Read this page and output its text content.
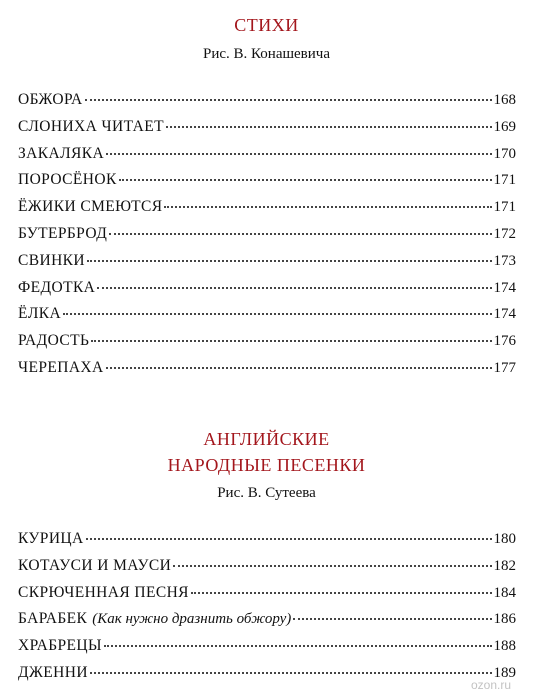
СТИХИ
Рис. В. Конашевича
ОБЖОРА	168
СЛОНИХА ЧИТАЕТ	169
ЗАКАЛЯКА	170
ПОРОСЁНОК	171
ЁЖИКИ СМЕЮТСЯ	171
БУТЕРБРОД	172
СВИНКИ	173
ФЕДОТКА	174
ЁЛКА	174
РАДОСТЬ	176
ЧЕРЕПАХА	177
АНГЛИЙСКИЕ
НАРОДНЫЕ ПЕСЕНКИ
Рис. В. Сутеева
КУРИЦА	180
КОТАУСИ И МАУСИ	182
СКРЮЧЕННАЯ ПЕСНЯ	184
БАРАБЕК (Как нужно дразнить обжору)	186
ХРАБРЕЦЫ	188
ДЖЕННИ	189
ozon.ru
